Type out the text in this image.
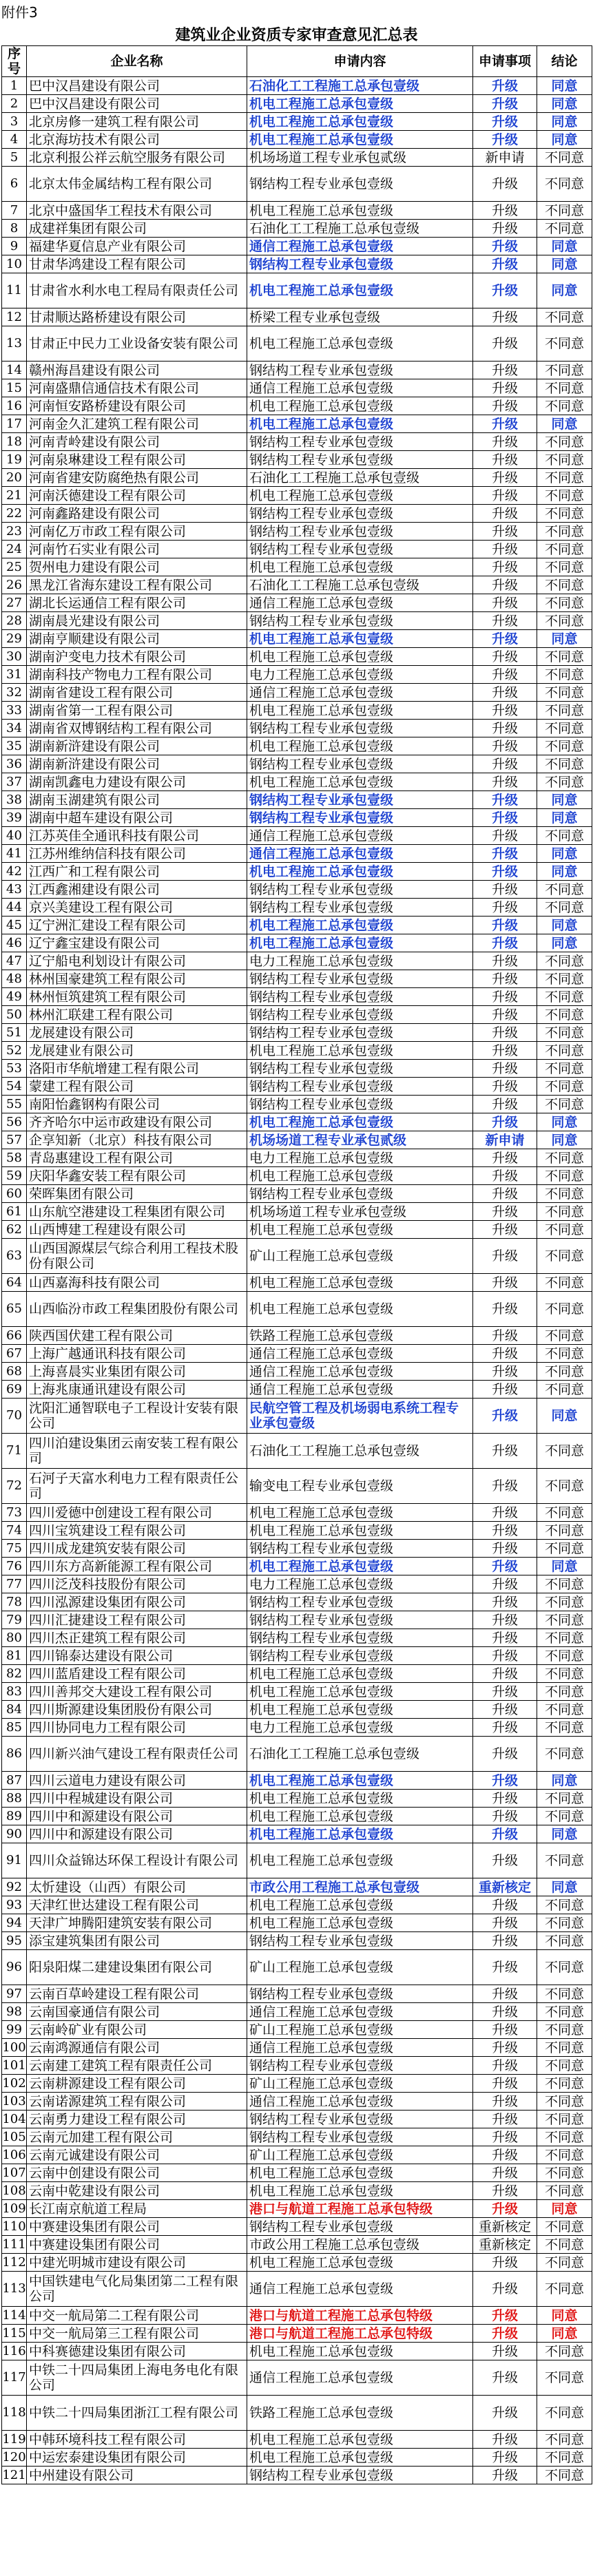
附件3
建筑业企业资质专家审查意见汇总表
序号	企业名称	申请内容	申请事项	结论
1	巴中汉昌建设有限公司	石油化工工程施工总承包壹级	升级	同意
2	巴中汉昌建设有限公司	机电工程施工总承包壹级	升级	同意
3	北京房修一建筑工程有限公司	机电工程施工总承包壹级	升级	同意
4	北京海坊技术有限公司	机电工程施工总承包壹级	升级	同意
5	北京利报公祥云航空服务有限公司	机场场道工程专业承包贰级	新申请	不同意
6	北京太伟金属结构工程有限公司	钢结构工程专业承包壹级	升级	不同意
7	北京中盛国华工程技术有限公司	机电工程施工总承包壹级	升级	不同意
8	成建祥集团有限公司	石油化工工程施工总承包壹级	升级	不同意
9	福建华夏信息产业有限公司	通信工程施工总承包壹级	升级	同意
10	甘肃华鸿建设工程有限公司	钢结构工程专业承包壹级	升级	同意
11	甘肃省水利水电工程局有限责任公司	机电工程施工总承包壹级	升级	同意
12	甘肃顺达路桥建设有限公司	桥梁工程专业承包壹级	升级	不同意
13	甘肃正中民力工业设备安装有限公司	机电工程施工总承包壹级	升级	不同意
14	赣州海昌建设有限公司	钢结构工程专业承包壹级	升级	不同意
15	河南盛鼎信通信技术有限公司	通信工程施工总承包壹级	升级	不同意
16	河南恒安路桥建设有限公司	机电工程施工总承包壹级	升级	不同意
17	河南金久汇建筑工程有限公司	机电工程施工总承包壹级	升级	同意
18	河南青岭建设有限公司	钢结构工程专业承包壹级	升级	不同意
19	河南泉琳建设工程有限公司	钢结构工程专业承包壹级	升级	不同意
20	河南省建安防腐绝热有限公司	石油化工工程施工总承包壹级	升级	不同意
21	河南沃德建设工程有限公司	机电工程施工总承包壹级	升级	不同意
22	河南鑫路建设有限公司	钢结构工程专业承包壹级	升级	不同意
23	河南亿万市政工程有限公司	钢结构工程专业承包壹级	升级	不同意
24	河南竹石实业有限公司	钢结构工程专业承包壹级	升级	不同意
25	贺州电力建设有限公司	机电工程施工总承包壹级	升级	不同意
26	黑龙江省海东建设工程有限公司	石油化工工程施工总承包壹级	升级	不同意
27	湖北长运通信工程有限公司	通信工程施工总承包壹级	升级	不同意
28	湖南晨光建设有限公司	钢结构工程专业承包壹级	升级	不同意
29	湖南亨顺建设有限公司	机电工程施工总承包壹级	升级	同意
30	湖南沪变电力技术有限公司	机电工程施工总承包壹级	升级	不同意
31	湖南科技产物电力工程有限公司	电力工程施工总承包壹级	升级	不同意
32	湖南省建设工程有限公司	通信工程施工总承包壹级	升级	不同意
33	湖南省第一工程有限公司	机电工程施工总承包壹级	升级	不同意
34	湖南省双博钢结构工程有限公司	钢结构工程专业承包壹级	升级	不同意
35	湖南新浒建设有限公司	机电工程施工总承包壹级	升级	不同意
36	湖南新浒建设有限公司	钢结构工程专业承包壹级	升级	不同意
37	湖南凯鑫电力建设有限公司	机电工程施工总承包壹级	升级	不同意
38	湖南玉湖建筑有限公司	钢结构工程专业承包壹级	升级	同意
39	湖南中超车建设有限公司	钢结构工程专业承包壹级	升级	同意
40	江苏英佳全通讯科技有限公司	通信工程施工总承包壹级	升级	不同意
41	江苏州维纳信科技有限公司	通信工程施工总承包壹级	升级	同意
42	江西广和工程有限公司	机电工程施工总承包壹级	升级	同意
43	江西鑫湘建设有限公司	钢结构工程专业承包壹级	升级	不同意
44	京兴美建设工程有限公司	钢结构工程专业承包壹级	升级	不同意
45	辽宁洲汇建设工程有限公司	机电工程施工总承包壹级	升级	同意
46	辽宁鑫宝建设有限公司	机电工程施工总承包壹级	升级	同意
47	辽宁船电利划设计有限公司	电力工程施工总承包壹级	升级	不同意
48	林州国豪建筑工程有限公司	钢结构工程专业承包壹级	升级	不同意
49	林州恒筑建筑工程有限公司	钢结构工程专业承包壹级	升级	不同意
50	林州汇联建工程有限公司	钢结构工程专业承包壹级	升级	不同意
51	龙展建设有限公司	钢结构工程专业承包壹级	升级	不同意
52	龙展建业有限公司	机电工程施工总承包壹级	升级	不同意
53	洛阳市华航增建工程有限公司	钢结构工程专业承包壹级	升级	不同意
54	蒙建工程有限公司	钢结构工程专业承包壹级	升级	不同意
55	南阳怡鑫钢构有限公司	钢结构工程专业承包壹级	升级	不同意
56	齐齐哈尔中运市政建设有限公司	机电工程施工总承包壹级	升级	同意
57	企享知新（北京）科技有限公司	机场场道工程专业承包贰级	新申请	同意
58	青岛惠建设工程有限公司	电力工程施工总承包壹级	升级	不同意
59	庆阳华鑫安装工程有限公司	机电工程施工总承包壹级	升级	不同意
60	荣晖集团有限公司	钢结构工程专业承包壹级	升级	不同意
61	山东航空港建设工程集团有限公司	机场场道工程专业承包壹级	升级	不同意
62	山西博建工程建设有限公司	机电工程施工总承包壹级	升级	不同意
63	山西国源煤层气综合利用工程技术股份有限公司	矿山工程施工总承包壹级	升级	不同意
64	山西嘉海科技有限公司	机电工程施工总承包壹级	升级	不同意
65	山西临汾市政工程集团股份有限公司	机电工程施工总承包壹级	升级	不同意
66	陕西国伏建工程有限公司	铁路工程施工总承包壹级	升级	不同意
67	上海广越通讯科技有限公司	通信工程施工总承包壹级	升级	不同意
68	上海喜晨实业集团有限公司	通信工程施工总承包壹级	升级	不同意
69	上海兆康通讯建设有限公司	通信工程施工总承包壹级	升级	不同意
70	沈阳汇通智联电子工程设计安装有限公司	民航空管工程及机场弱电系统工程专业承包壹级	升级	同意
71	四川泊建设集团云南安装工程有限公司	石油化工工程施工总承包壹级	升级	不同意
72	石河子天富水利电力工程有限责任公司	输变电工程专业承包壹级	升级	不同意
73	四川爱德中创建设工程有限公司	机电工程施工总承包壹级	升级	不同意
74	四川宝筑建设工程有限公司	机电工程施工总承包壹级	升级	不同意
75	四川成龙建筑安装有限公司	钢结构工程专业承包壹级	升级	不同意
76	四川东方高新能源工程有限公司	机电工程施工总承包壹级	升级	同意
77	四川泛茂科技股份有限公司	电力工程施工总承包壹级	升级	不同意
78	四川泓源建设集团有限公司	钢结构工程专业承包壹级	升级	不同意
79	四川汇捷建设工程有限公司	钢结构工程专业承包壹级	升级	不同意
80	四川杰正建筑工程有限公司	钢结构工程专业承包壹级	升级	不同意
81	四川锦泰达建设有限公司	钢结构工程专业承包壹级	升级	不同意
82	四川蓝盾建设工程有限公司	机电工程施工总承包壹级	升级	不同意
83	四川善邦交大建设工程有限公司	机电工程施工总承包壹级	升级	不同意
84	四川斯源建设集团股份有限公司	机电工程施工总承包壹级	升级	不同意
85	四川协同电力工程有限公司	电力工程施工总承包壹级	升级	不同意
86	四川新兴油气建设工程有限责任公司	石油化工工程施工总承包壹级	升级	不同意
87	四川云道电力建设有限公司	机电工程施工总承包壹级	升级	同意
88	四川中程城建设有限公司	机电工程施工总承包壹级	升级	不同意
89	四川中和源建设有限公司	机电工程施工总承包壹级	升级	不同意
90	四川中和源建设有限公司	机电工程施工总承包壹级	升级	同意
91	四川众益锦达环保工程设计有限公司	机电工程施工总承包壹级	升级	不同意
92	太忻建设（山西）有限公司	市政公用工程施工总承包壹级	重新核定	同意
93	天津红世达建设工程有限公司	机电工程施工总承包壹级	升级	不同意
94	天津广坤腾阳建筑安装有限公司	机电工程施工总承包壹级	升级	不同意
95	添宝建筑集团有限公司	钢结构工程专业承包壹级	升级	不同意
96	阳泉阳煤二建建设集团有限公司	矿山工程施工总承包壹级	升级	不同意
97	云南百草岭建设工程有限公司	钢结构工程专业承包壹级	升级	不同意
98	云南国豪通信有限公司	通信工程施工总承包壹级	升级	不同意
99	云南岭矿业有限公司	矿山工程施工总承包壹级	升级	不同意
100	云南鸿源通信有限公司	通信工程施工总承包壹级	升级	不同意
101	云南建工建筑工程有限责任公司	钢结构工程专业承包壹级	升级	不同意
102	云南耕源建设工程有限公司	矿山工程施工总承包壹级	升级	不同意
103	云南诺源建筑工程有限公司	通信工程施工总承包壹级	升级	不同意
104	云南勇力建设工程有限公司	钢结构工程专业承包壹级	升级	不同意
105	云南元加建工程有限公司	钢结构工程专业承包壹级	升级	不同意
106	云南元诚建设有限公司	矿山工程施工总承包壹级	升级	不同意
107	云南中创建设有限公司	机电工程施工总承包壹级	升级	不同意
108	云南中乾建设有限公司	机电工程施工总承包壹级	升级	不同意
109	长江南京航道工程局	港口与航道工程施工总承包特级	升级	同意
110	中赛建设集团有限公司	钢结构工程专业承包壹级	重新核定	不同意
111	中赛建设集团有限公司	市政公用工程施工总承包壹级	重新核定	不同意
112	中建光明城市建设有限公司	机电工程施工总承包壹级	升级	不同意
113	中国铁建电气化局集团第二工程有限公司	通信工程施工总承包壹级	升级	不同意
114	中交一航局第二工程有限公司	港口与航道工程施工总承包特级	升级	同意
115	中交一航局第三工程有限公司	港口与航道工程施工总承包特级	升级	同意
116	中科赛德建设集团有限公司	机电工程施工总承包壹级	升级	不同意
117	中铁二十四局集团上海电务电化有限公司	通信工程施工总承包壹级	升级	不同意
118	中铁二十四局集团浙江工程有限公司	铁路工程施工总承包壹级	升级	不同意
119	中韩环境科技工程有限公司	机电工程施工总承包壹级	升级	不同意
120	中运宏泰建设集团有限公司	机电工程施工总承包壹级	升级	不同意
121	中州建设有限公司	钢结构工程专业承包壹级	升级	不同意
